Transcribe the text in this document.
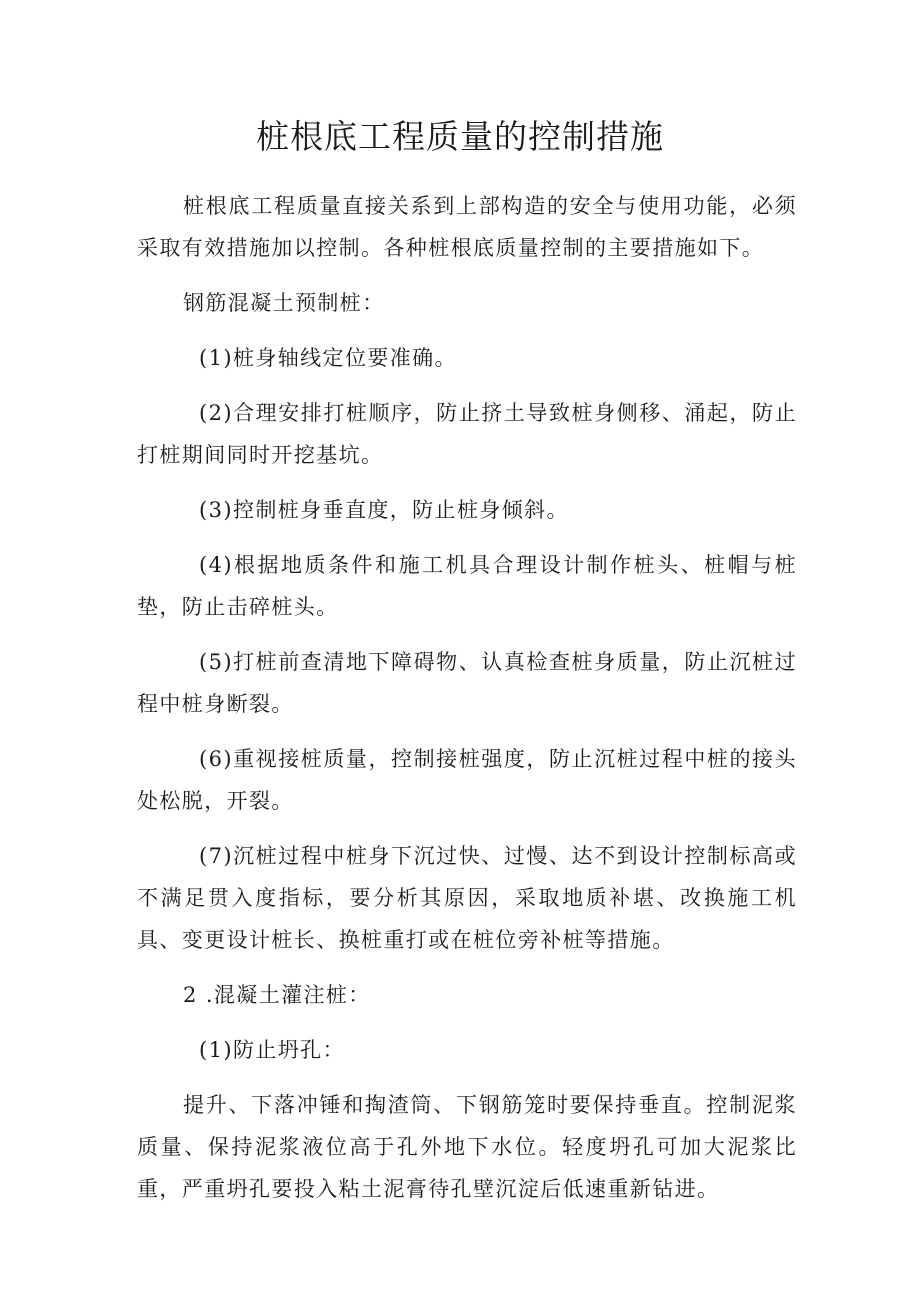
桩根底工程质量的控制措施

桩根底工程质量直接关系到上部构造的安全与使用功能，必须采取有效措施加以控制。各种桩根底质量控制的主要措施如下。

钢筋混凝土预制桩：

(1)桩身轴线定位要准确。

(2)合理安排打桩顺序，防止挤土导致桩身侧移、涌起，防止打桩期间同时开挖基坑。

(3)控制桩身垂直度，防止桩身倾斜。

(4)根据地质条件和施工机具合理设计制作桩头、桩帽与桩垫，防止击碎桩头。

(5)打桩前查清地下障碍物、认真检查桩身质量，防止沉桩过程中桩身断裂。

(6)重视接桩质量，控制接桩强度，防止沉桩过程中桩的接头处松脱，开裂。

(7)沉桩过程中桩身下沉过快、过慢、达不到设计控制标高或不满足贯入度指标，要分析其原因，采取地质补堪、改换施工机具、变更设计桩长、换桩重打或在桩位旁补桩等措施。

2 .混凝土灌注桩：

(1)防止坍孔：

提升、下落冲锤和掏渣筒、下钢筋笼时要保持垂直。控制泥浆质量、保持泥浆液位高于孔外地下水位。轻度坍孔可加大泥浆比重，严重坍孔要投入粘土泥膏待孔壁沉淀后低速重新钻进。
